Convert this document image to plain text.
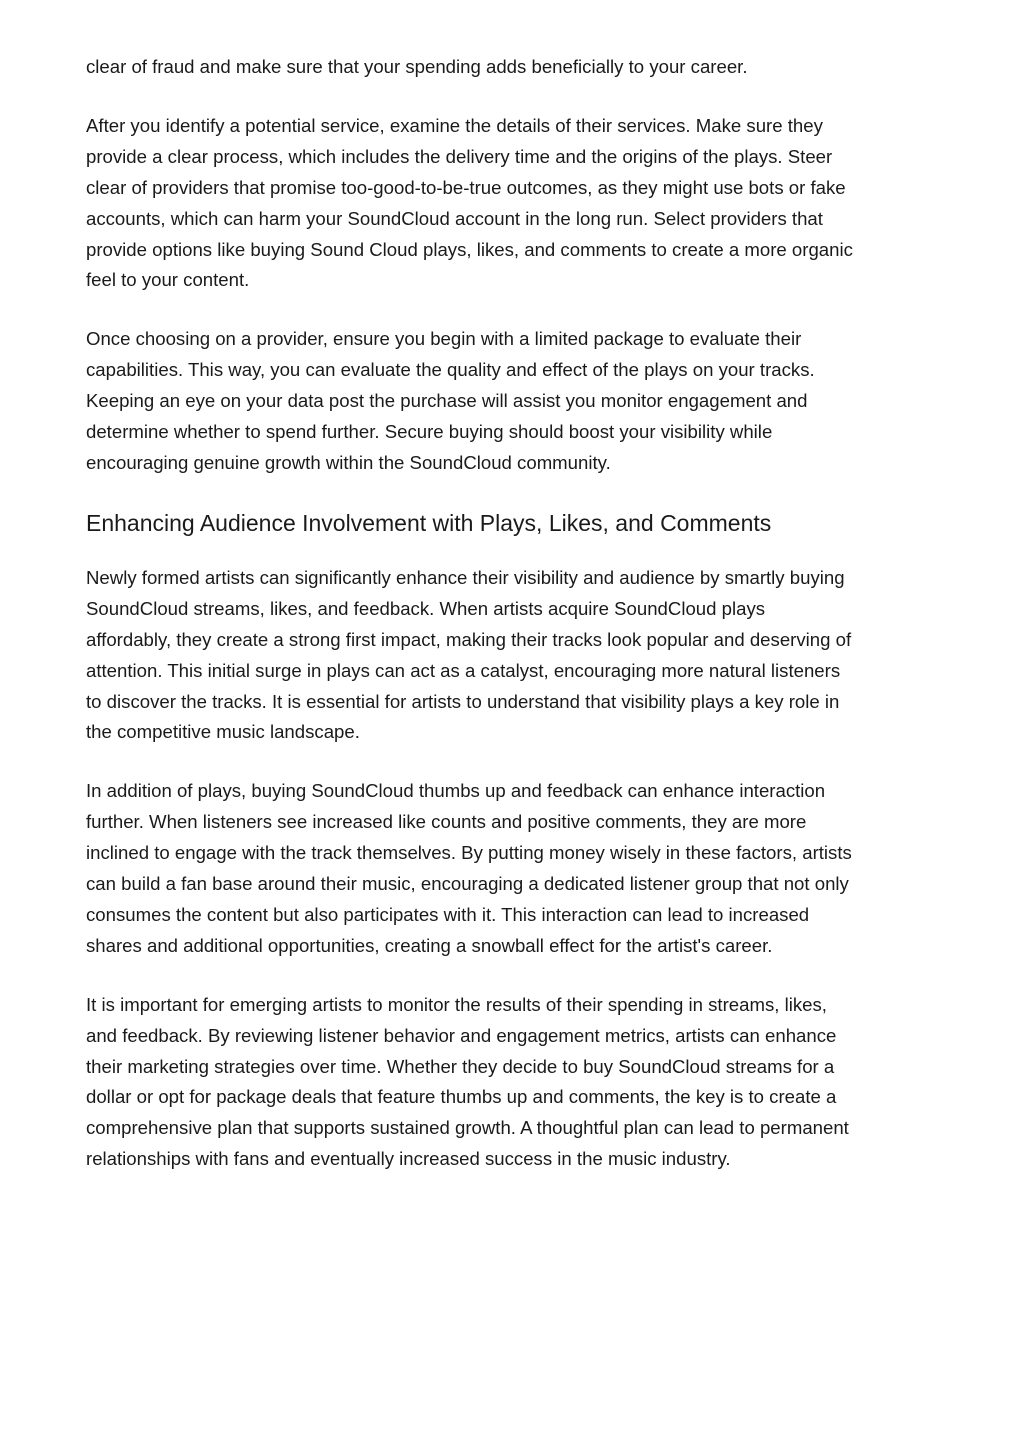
clear of fraud and make sure that your spending adds beneficially to your career.

After you identify a potential service, examine the details of their services. Make sure they
provide a clear process, which includes the delivery time and the origins of the plays. Steer
clear of providers that promise too-good-to-be-true outcomes, as they might use bots or fake
accounts, which can harm your SoundCloud account in the long run. Select providers that
provide options like buying Sound Cloud plays, likes, and comments to create a more organic
feel to your content.

Once choosing on a provider, ensure you begin with a limited package to evaluate their
capabilities. This way, you can evaluate the quality and effect of the plays on your tracks.
Keeping an eye on your data post the purchase will assist you monitor engagement and
determine whether to spend further. Secure buying should boost your visibility while
encouraging genuine growth within the SoundCloud community.

Enhancing Audience Involvement with Plays, Likes, and Comments

Newly formed artists can significantly enhance their visibility and audience by smartly buying
SoundCloud streams, likes, and feedback. When artists acquire SoundCloud plays
affordably, they create a strong first impact, making their tracks look popular and deserving of
attention. This initial surge in plays can act as a catalyst, encouraging more natural listeners
to discover the tracks. It is essential for artists to understand that visibility plays a key role in
the competitive music landscape.

In addition of plays, buying SoundCloud thumbs up and feedback can enhance interaction
further. When listeners see increased like counts and positive comments, they are more
inclined to engage with the track themselves. By putting money wisely in these factors, artists
can build a fan base around their music, encouraging a dedicated listener group that not only
consumes the content but also participates with it. This interaction can lead to increased
shares and additional opportunities, creating a snowball effect for the artist's career.

It is important for emerging artists to monitor the results of their spending in streams, likes,
and feedback. By reviewing listener behavior and engagement metrics, artists can enhance
their marketing strategies over time. Whether they decide to buy SoundCloud streams for a
dollar or opt for package deals that feature thumbs up and comments, the key is to create a
comprehensive plan that supports sustained growth. A thoughtful plan can lead to permanent
relationships with fans and eventually increased success in the music industry.
